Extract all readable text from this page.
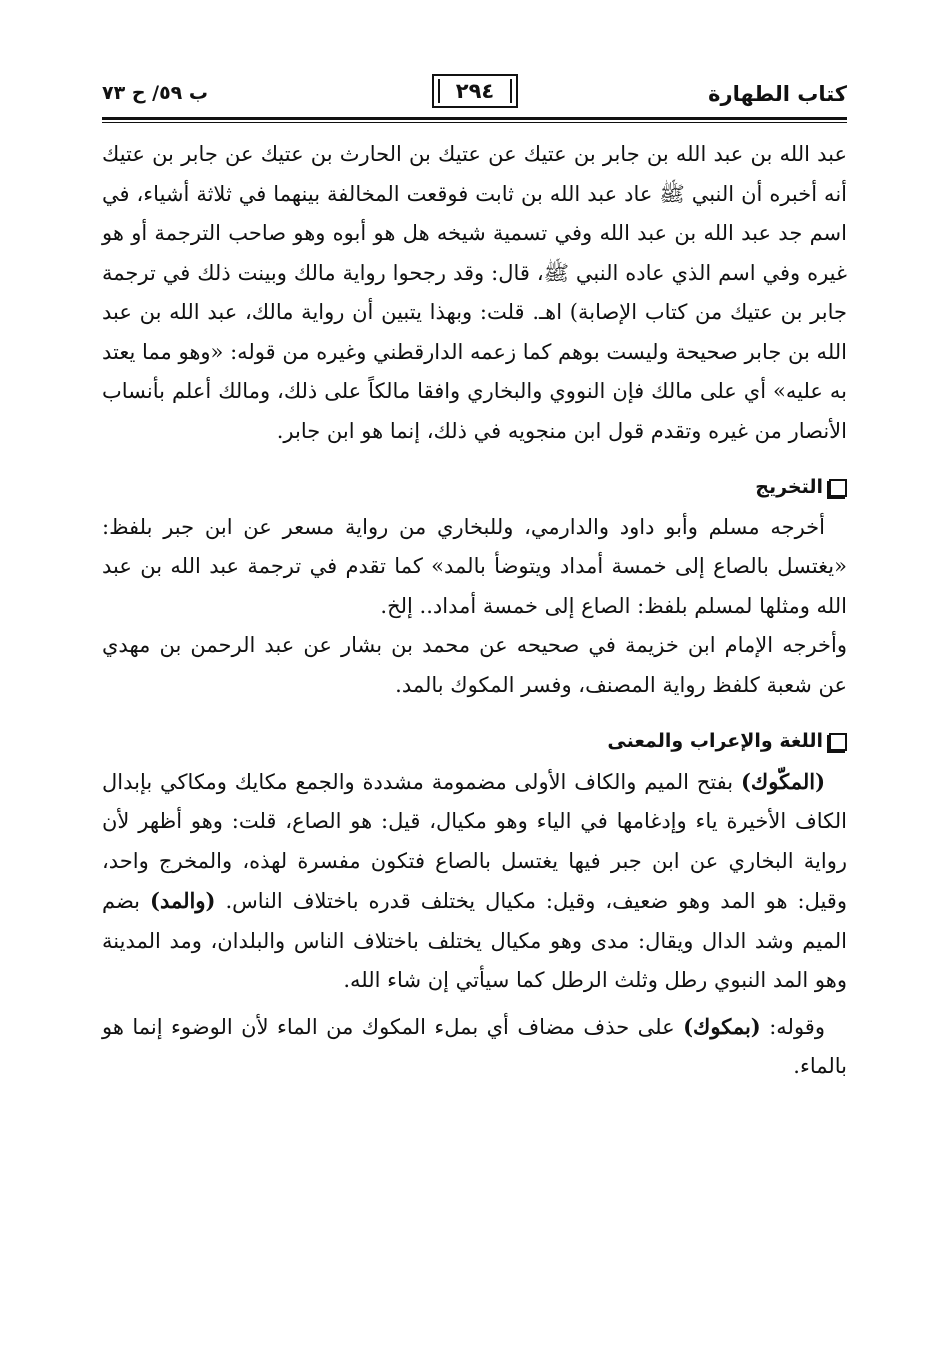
كتاب الطهارة
٢٩٤
ب ٥٩/ ح ٧٣

عبد الله بن عبد الله بن جابر بن عتيك عن عتيك بن الحارث بن عتيك عن جابر بن عتيك أنه أخبره أن النبي ﷺ عاد عبد الله بن ثابت فوقعت المخالفة بينهما في ثلاثة أشياء، في اسم جد عبد الله بن عبد الله وفي تسمية شيخه هل هو أبوه وهو صاحب الترجمة أو هو غيره وفي اسم الذي عاده النبي ﷺ، قال: وقد رجحوا رواية مالك وبينت ذلك في ترجمة جابر بن عتيك من كتاب الإصابة) اهـ. قلت: وبهذا يتبين أن رواية مالك، عبد الله بن عبد الله بن جابر صحيحة وليست بوهم كما زعمه الدارقطني وغيره من قوله: «وهو مما يعتد به عليه» أي على مالك فإن النووي والبخاري وافقا مالكاً على ذلك، ومالك أعلم بأنساب الأنصار من غيره وتقدم قول ابن منجويه في ذلك، إنما هو ابن جابر.

التخريج

أخرجه مسلم وأبو داود والدارمي، وللبخاري من رواية مسعر عن ابن جبر بلفظ: «يغتسل بالصاع إلى خمسة أمداد ويتوضأ بالمد» كما تقدم في ترجمة عبد الله بن عبد الله ومثلها لمسلم بلفظ: الصاع إلى خمسة أمداد.. إلخ.

وأخرجه الإمام ابن خزيمة في صحيحه عن محمد بن بشار عن عبد الرحمن بن مهدي عن شعبة كلفظ رواية المصنف، وفسر المكوك بالمد.

اللغة والإعراب والمعنى

(المكّوك) بفتح الميم والكاف الأولى مضمومة مشددة والجمع مكايك ومكاكي بإبدال الكاف الأخيرة ياء وإدغامها في الياء وهو مكيال، قيل: هو الصاع، قلت: وهو أظهر لأن رواية البخاري عن ابن جبر فيها يغتسل بالصاع فتكون مفسرة لهذه، والمخرج واحد، وقيل: هو المد وهو ضعيف، وقيل: مكيال يختلف قدره باختلاف الناس. (والمد) بضم الميم وشد الدال ويقال: مدى وهو مكيال يختلف باختلاف الناس والبلدان، ومد المدينة وهو المد النبوي رطل وثلث الرطل كما سيأتي إن شاء الله.

وقوله: (بمكوك) على حذف مضاف أي بملء المكوك من الماء لأن الوضوء إنما هو بالماء.
